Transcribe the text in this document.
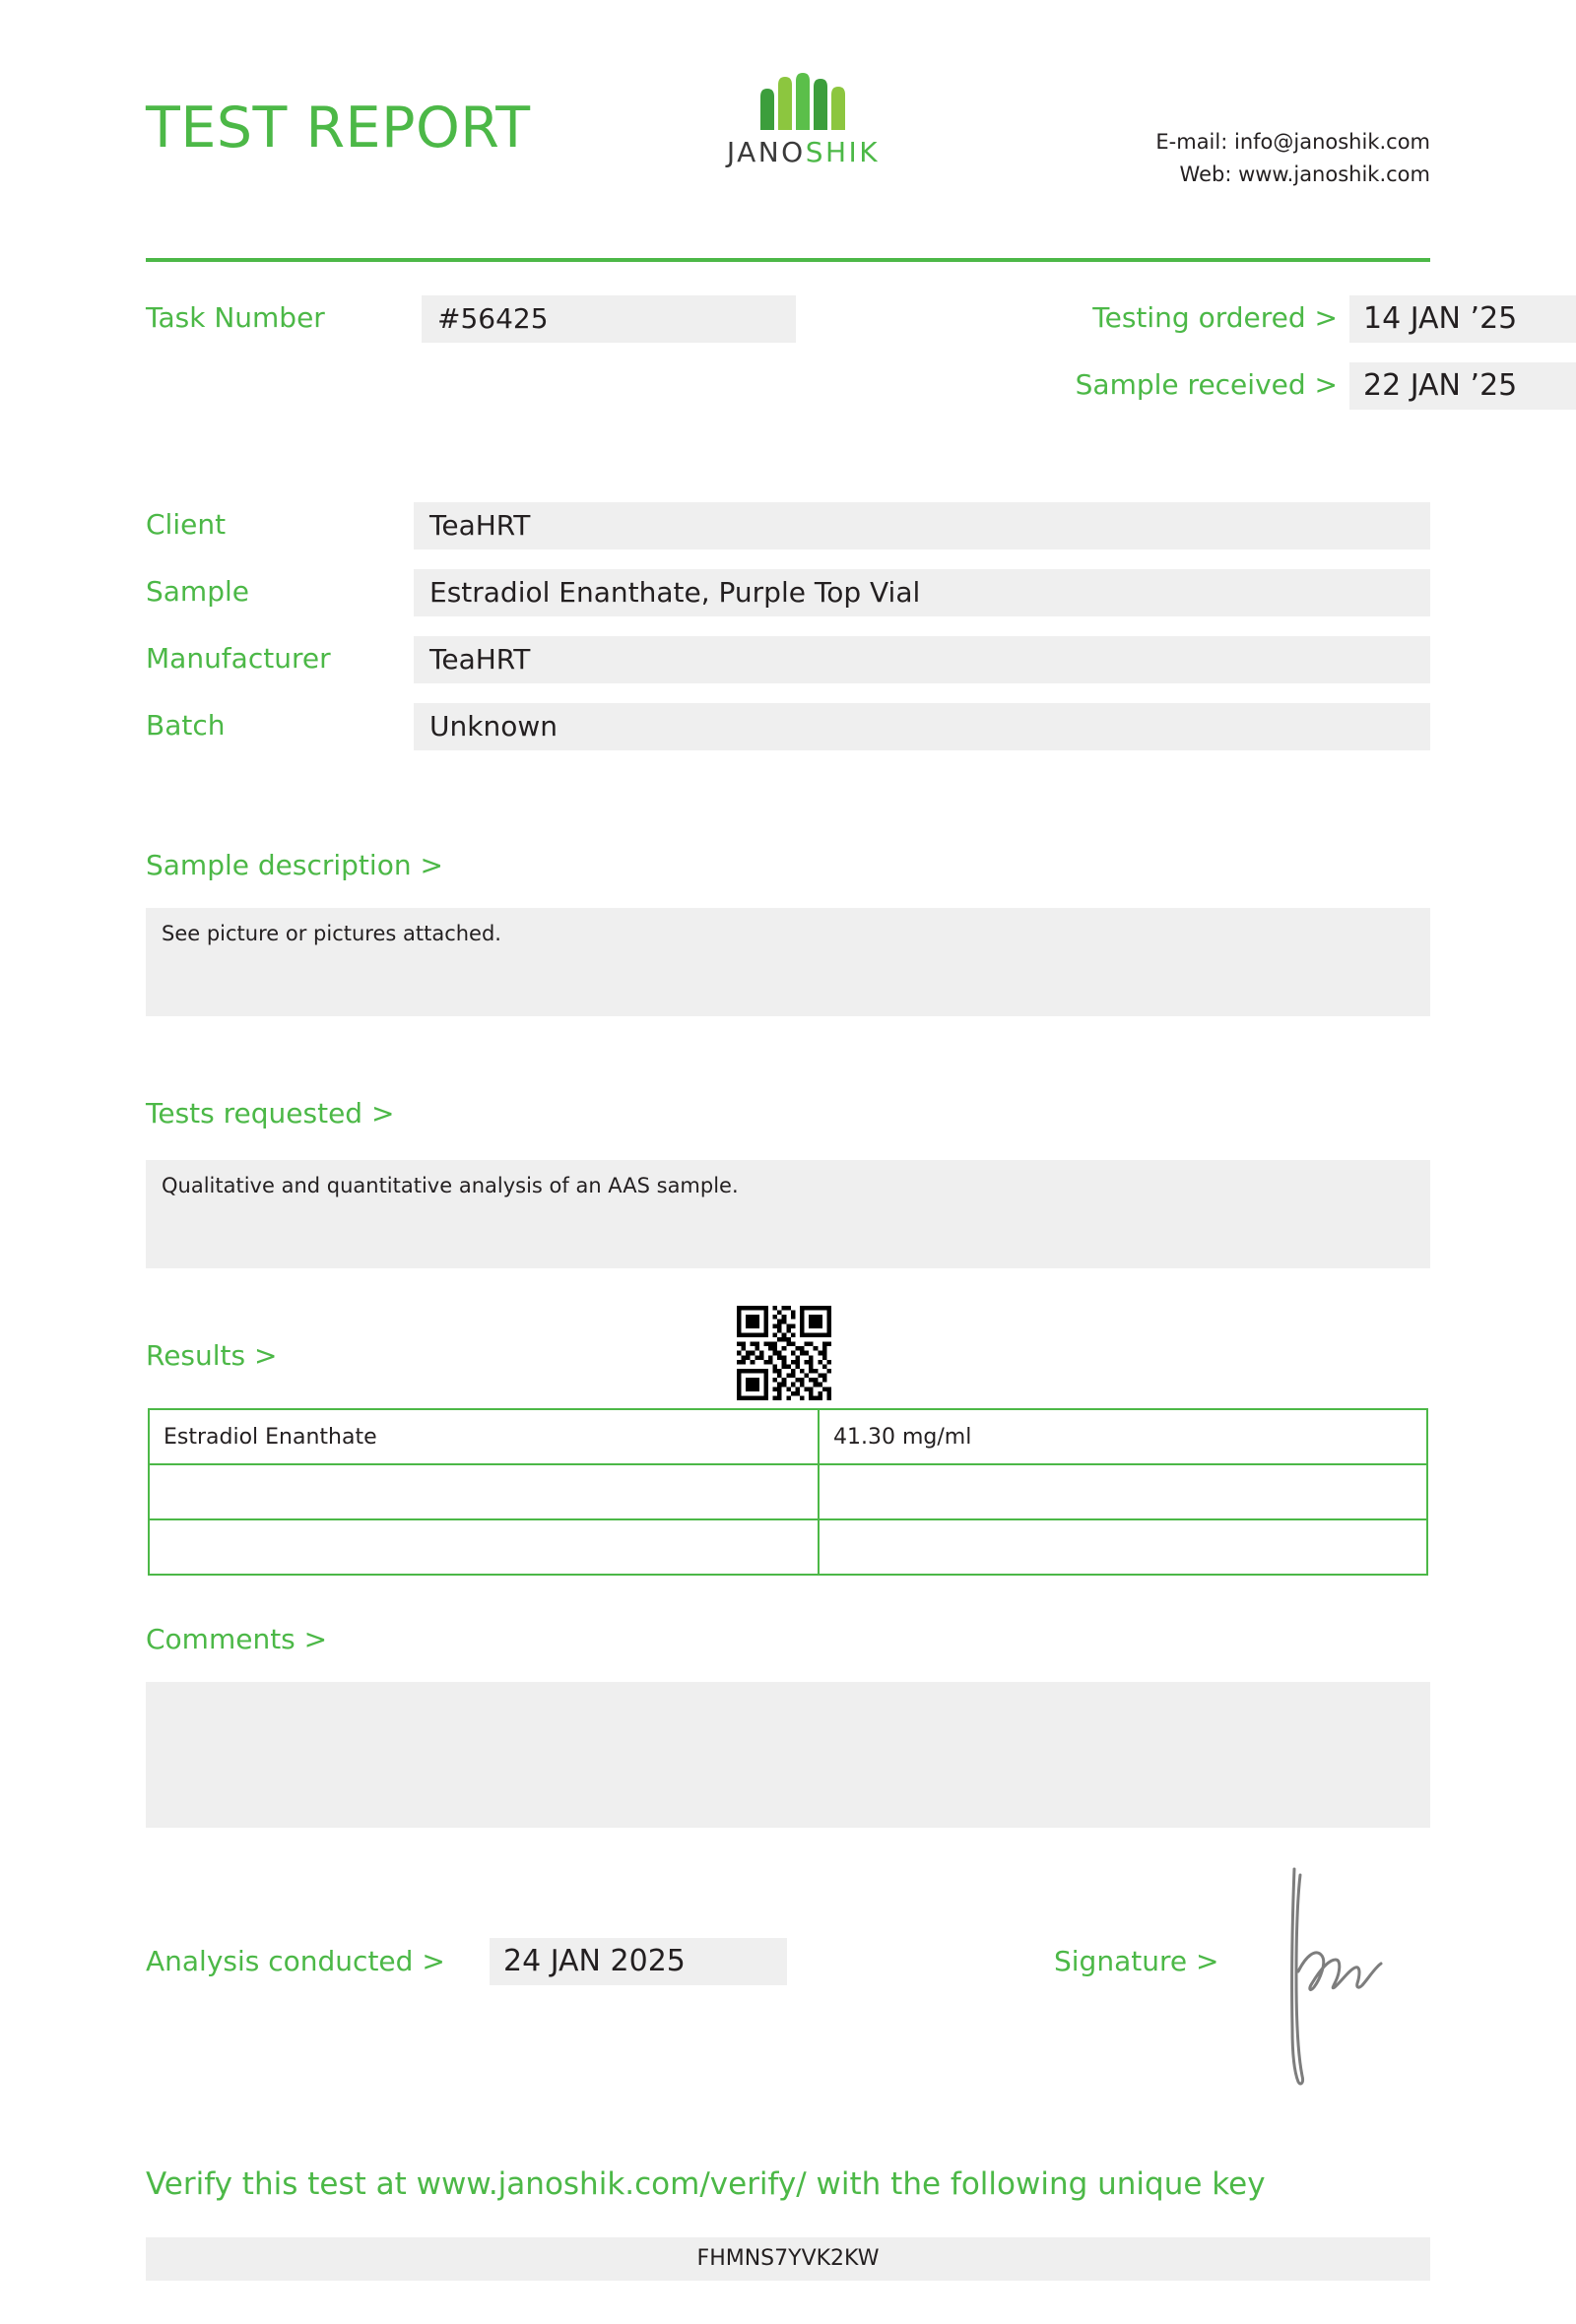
TEST REPORT	JANOSHIK	E-mail: info@janoshik.com
Web: www.janoshik.com
Task Number	#56425	Testing ordered > 14 JAN ’25
Sample received > 22 JAN ’25
Client	TeaHRT
Sample	Estradiol Enanthate, Purple Top Vial
Manufacturer	TeaHRT
Batch	Unknown
Sample description >
See picture or pictures attached.
Tests requested >
Qualitative and quantitative analysis of an AAS sample.
Results >
Estradiol Enanthate	41.30 mg/ml

Comments >
Analysis conducted >	24 JAN 2025	Signature >
Verify this test at www.janoshik.com/verify/ with the following unique key
FHMNS7YVK2KW
